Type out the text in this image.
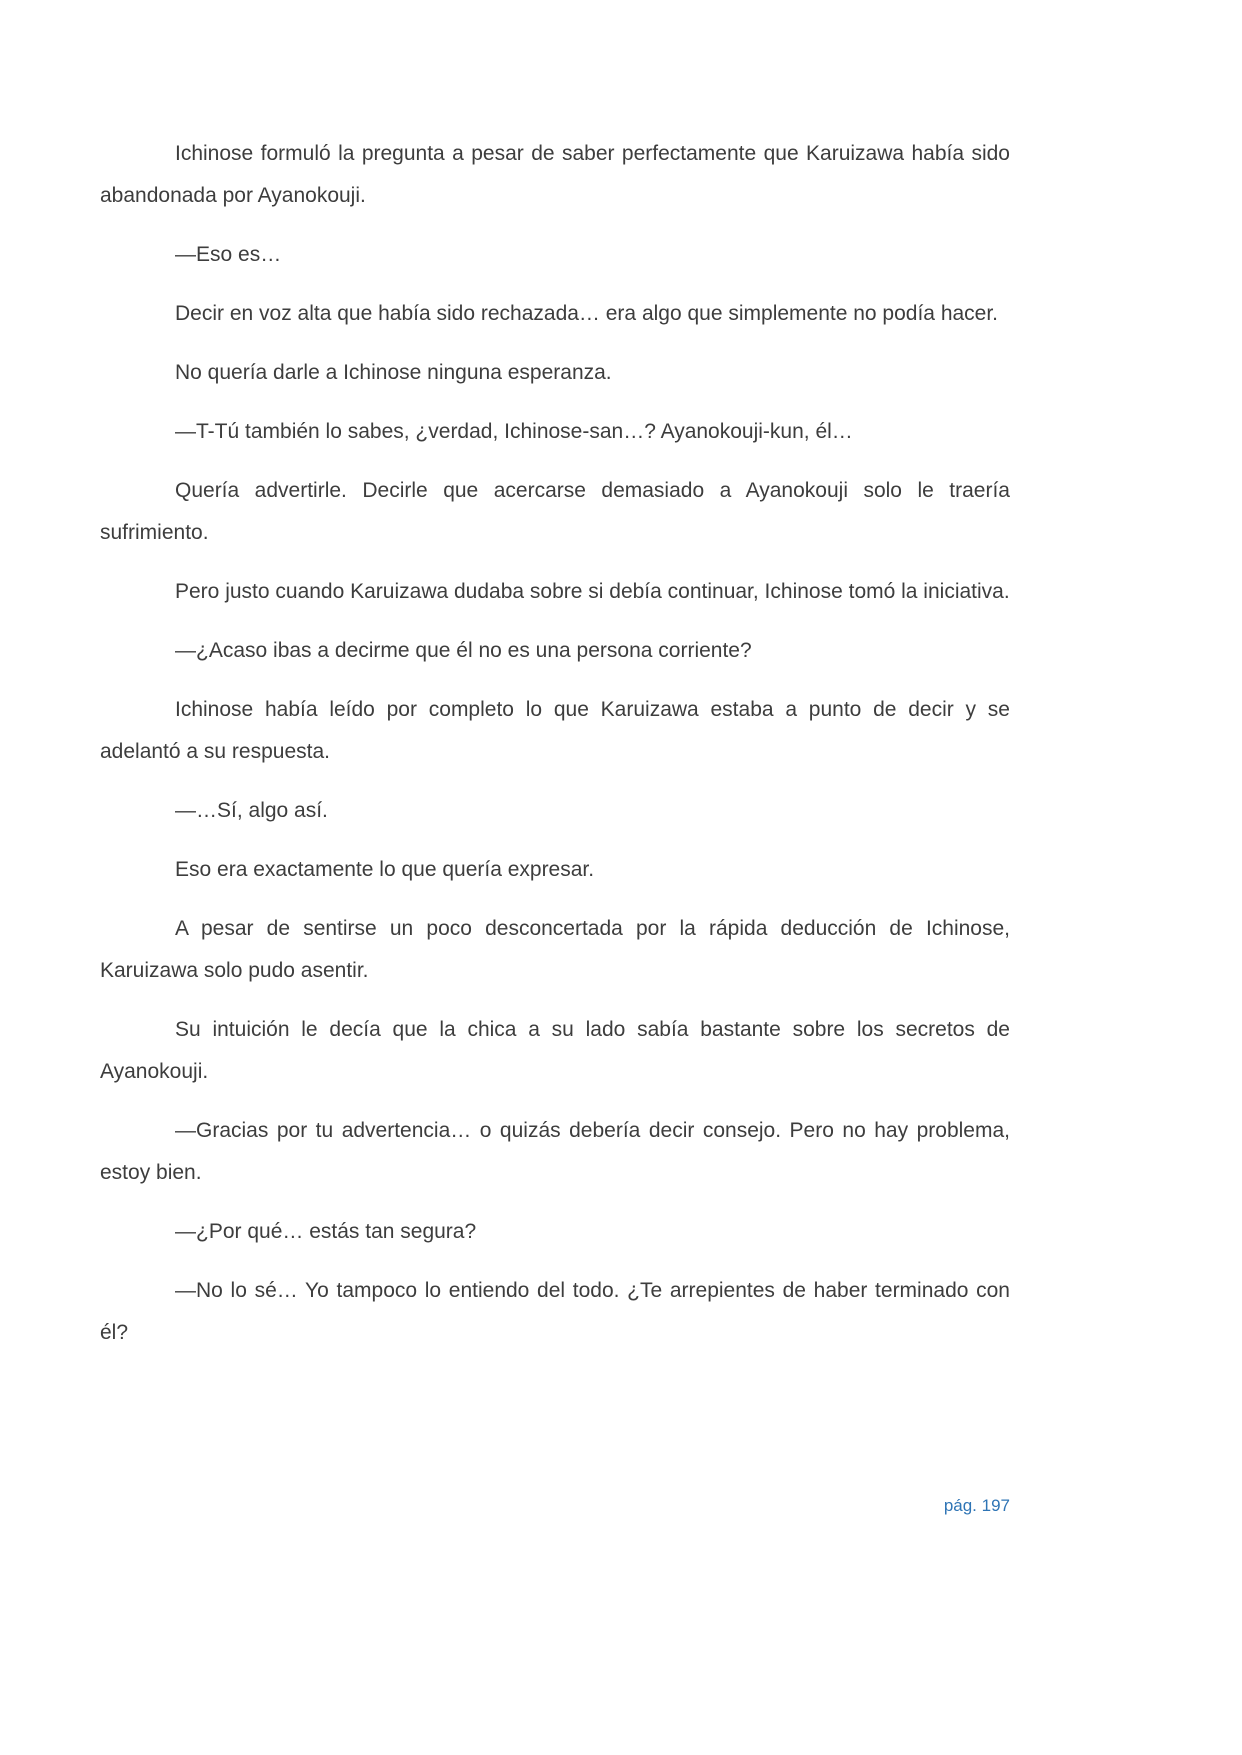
Ichinose formuló la pregunta a pesar de saber perfectamente que Karuizawa había sido abandonada por Ayanokouji.

—Eso es…

Decir en voz alta que había sido rechazada… era algo que simplemente no podía hacer.

No quería darle a Ichinose ninguna esperanza.

—T-Tú también lo sabes, ¿verdad, Ichinose-san…? Ayanokouji-kun, él…

Quería advertirle. Decirle que acercarse demasiado a Ayanokouji solo le traería sufrimiento.

Pero justo cuando Karuizawa dudaba sobre si debía continuar, Ichinose tomó la iniciativa.

—¿Acaso ibas a decirme que él no es una persona corriente?

Ichinose había leído por completo lo que Karuizawa estaba a punto de decir y se adelantó a su respuesta.

—…Sí, algo así.

Eso era exactamente lo que quería expresar.

A pesar de sentirse un poco desconcertada por la rápida deducción de Ichinose, Karuizawa solo pudo asentir.

Su intuición le decía que la chica a su lado sabía bastante sobre los secretos de Ayanokouji.

—Gracias por tu advertencia… o quizás debería decir consejo. Pero no hay problema, estoy bien.

—¿Por qué… estás tan segura?

—No lo sé… Yo tampoco lo entiendo del todo. ¿Te arrepientes de haber terminado con él?

pág. 197
